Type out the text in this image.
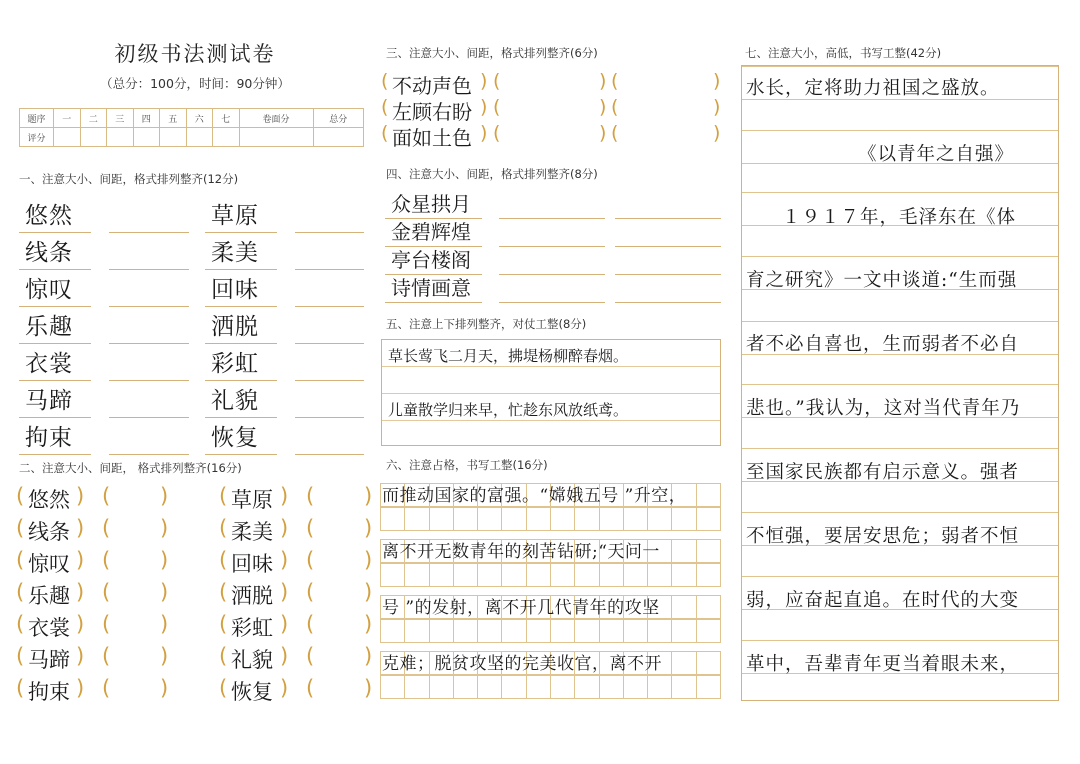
初级书法测试卷
（总分：100分，时间：90分钟）
题序	一	二	三	四	五	六	七	卷面分	总分
评分									
一、注意大小、间距，格式排列整齐(12分)
悠然	草原
线条	柔美
惊叹	回味
乐趣	洒脱
衣裳	彩虹
马蹄	礼貌
拘束	恢复
二、注意大小、间距， 格式排列整齐(16分)
( 悠然 ) ( ) ( 草原 ) ( )
( 线条 ) ( ) ( 柔美 ) ( )
( 惊叹 ) ( ) ( 回味 ) ( )
( 乐趣 ) ( ) ( 洒脱 ) ( )
( 衣裳 ) ( ) ( 彩虹 ) ( )
( 马蹄 ) ( ) ( 礼貌 ) ( )
( 拘束 ) ( ) ( 恢复 ) ( )
三、注意大小、间距，格式排列整齐(6分)
( 不动声色 ) (	) (	)
( 左顾右盼 ) (	) (	)
( 面如土色 ) (	) (	)
四、注意大小、间距，格式排列整齐(8分)
众星拱月
金碧辉煌
亭台楼阁
诗情画意
五、注意上下排列整齐，对仗工整(8分)
草长莺飞二月天，拂堤杨柳醉春烟。
儿童散学归来早，忙趁东风放纸鸢。
六、注意占格，书写工整(16分)
而推动国家的富强。“嫦娥五号 ”升空，
离不开无数青年的刻苦钻研;“天问一
号 ”的发射，离不开几代青年的攻坚
克难；脱贫攻坚的完美收官，离不开
七、注意大小，高低，书写工整(42分)
水长，定将助力祖国之盛放。
《以青年之自强》
１９１７年，毛泽东在《体
育之研究》一文中谈道:“生而强
者不必自喜也，生而弱者不必自
悲也。”我认为，这对当代青年乃
至国家民族都有启示意义。强者
不恒强，要居安思危；弱者不恒
弱，应奋起直追。在时代的大变
革中，吾辈青年更当着眼未来，
